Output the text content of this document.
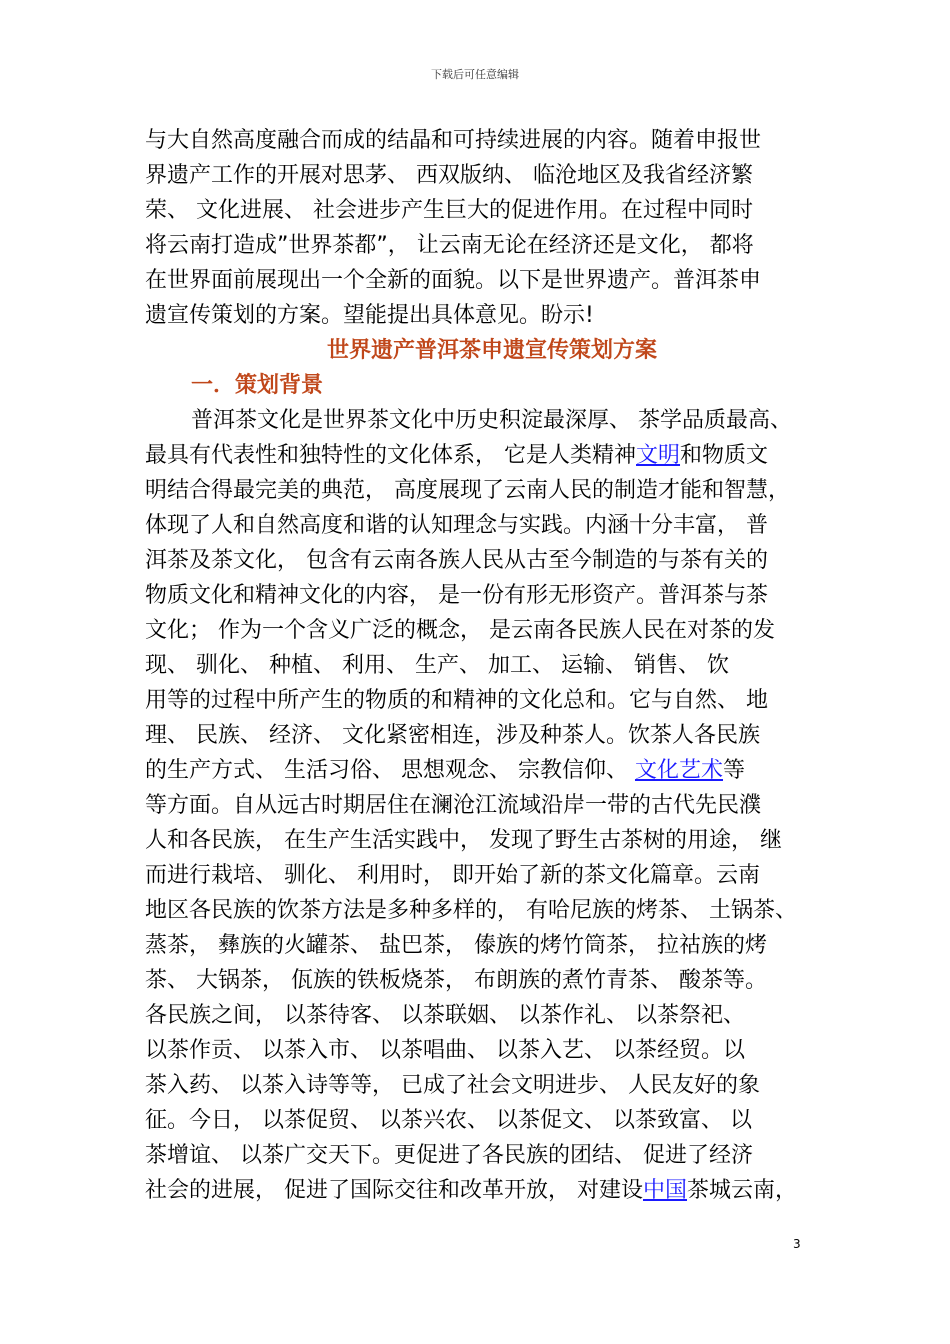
下载后可任意编辑
与大自然高度融合而成的结晶和可持续进展的内容。随着申报世
界遗产工作的开展对思茅、 西双版纳、 临沧地区及我省经济繁
荣、 文化进展、 社会进步产生巨大的促进作用。在过程中同时
将云南打造成”世界茶都”， 让云南无论在经济还是文化， 都将
在世界面前展现出一个全新的面貌。以下是世界遗产。普洱茶申
遗宣传策划的方案。望能提出具体意见。盼示!
世界遗产普洱茶申遗宣传策划方案
一．策划背景
普洱茶文化是世界茶文化中历史积淀最深厚、 茶学品质最高、
最具有代表性和独特性的文化体系， 它是人类精神文明和物质文
明结合得最完美的典范， 高度展现了云南人民的制造才能和智慧，
体现了人和自然高度和谐的认知理念与实践。内涵十分丰富， 普
洱茶及茶文化， 包含有云南各族人民从古至今制造的与茶有关的
物质文化和精神文化的内容， 是一份有形无形资产。普洱茶与茶
文化； 作为一个含义广泛的概念， 是云南各民族人民在对茶的发
现、 驯化、 种植、 利用、 生产、 加工、 运输、 销售、 饮
用等的过程中所产生的物质的和精神的文化总和。它与自然、 地
理、 民族、 经济、 文化紧密相连，涉及种茶人。饮茶人各民族
的生产方式、 生活习俗、 思想观念、 宗教信仰、 文化艺术等
等方面。自从远古时期居住在澜沧江流域沿岸一带的古代先民濮
人和各民族， 在生产生活实践中， 发现了野生古茶树的用途， 继
而进行栽培、 驯化、 利用时， 即开始了新的茶文化篇章。云南
地区各民族的饮茶方法是多种多样的， 有哈尼族的烤茶、 土锅茶、
蒸茶， 彝族的火罐茶、 盐巴茶， 傣族的烤竹筒茶， 拉祜族的烤
茶、 大锅茶， 佤族的铁板烧茶， 布朗族的煮竹青茶、 酸茶等。
各民族之间， 以茶待客、 以茶联姻、 以茶作礼、 以茶祭祀、
以茶作贡、 以茶入市、 以茶唱曲、 以茶入艺、 以茶经贸。以
茶入药、 以茶入诗等等， 已成了社会文明进步、 人民友好的象
征。今日， 以茶促贸、 以茶兴农、 以茶促文、 以茶致富、 以
茶增谊、 以茶广交天下。更促进了各民族的团结、 促进了经济
社会的进展， 促进了国际交往和改革开放， 对建设中国茶城云南，
3
